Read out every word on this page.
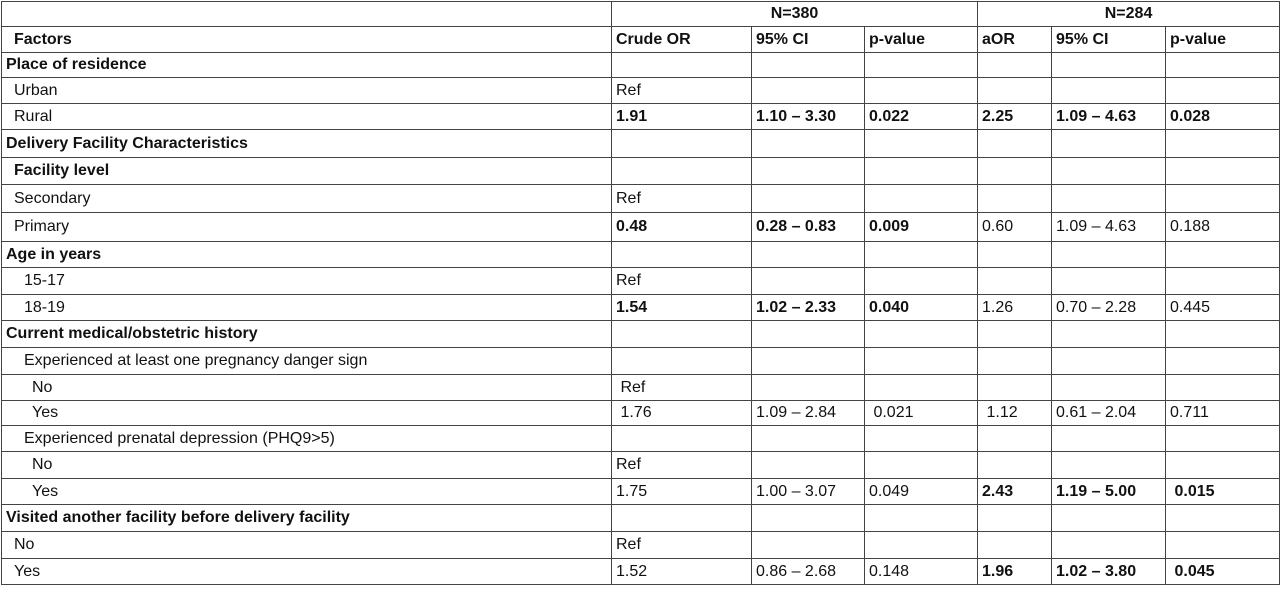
	N=380			N=284		
Factors	Crude OR	95% CI	p-value	aOR	95% CI	p-value
Place of residence						
Urban	Ref					
Rural	1.91	1.10 – 3.30	0.022	2.25	1.09 – 4.63	0.028
Delivery Facility Characteristics						
Facility level						
Secondary	Ref					
Primary	0.48	0.28 – 0.83	0.009	0.60	1.09 – 4.63	0.188
Age in years						
15-17	Ref					
18-19	1.54	1.02 – 2.33	0.040	1.26	0.70 – 2.28	0.445
Current medical/obstetric history						
Experienced at least one pregnancy danger sign						
No	Ref					
Yes	1.76	1.09 – 2.84	0.021	1.12	0.61 – 2.04	0.711
Experienced prenatal depression (PHQ9>5)						
No	Ref					
Yes	1.75	1.00 – 3.07	0.049	2.43	1.19 – 5.00	0.015
Visited another facility before delivery facility						
No	Ref					
Yes	1.52	0.86 – 2.68	0.148	1.96	1.02 – 3.80	0.045
